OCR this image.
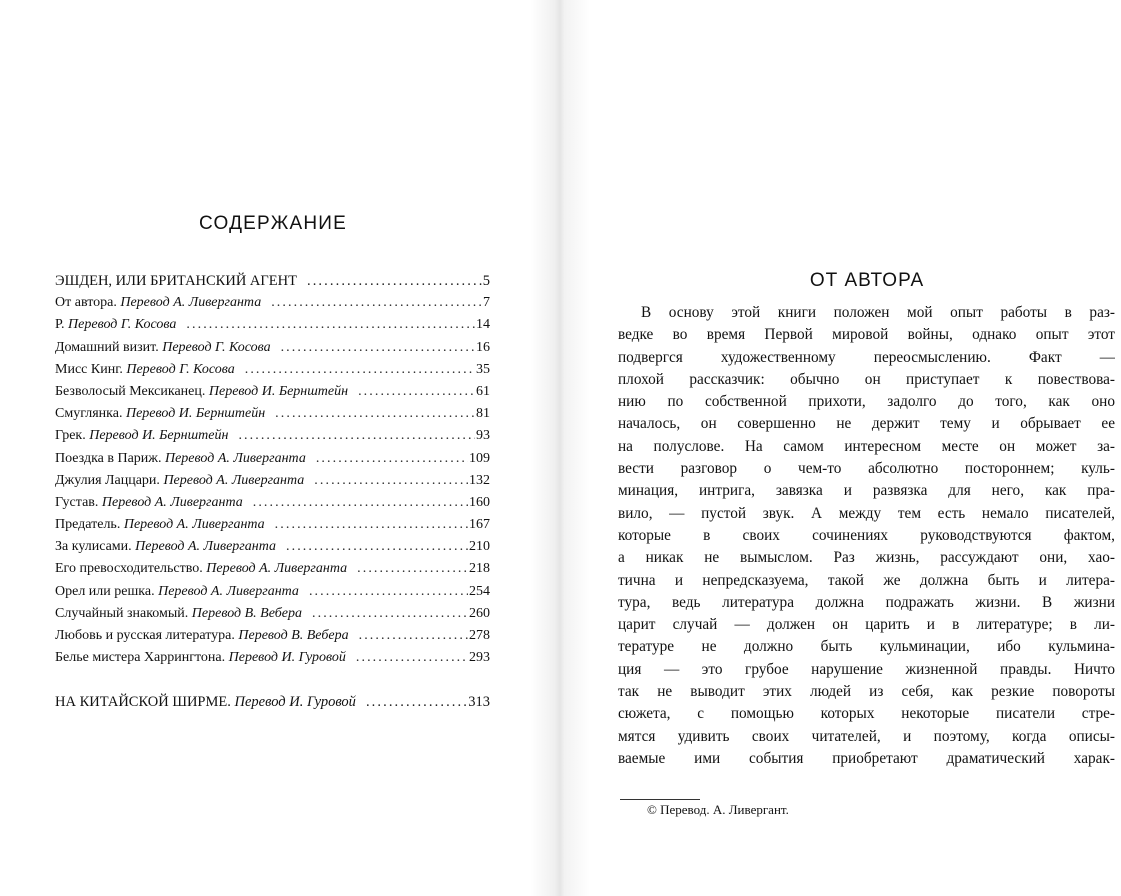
СОДЕРЖАНИЕ
ЭШДЕН, ИЛИ БРИТАНСКИЙ АГЕНТ .....	5
От автора. Перевод А. Ливерганта .....	7
Р. Перевод Г. Косова .....	14
Домашний визит. Перевод Г. Косова .....	16
Мисс Кинг. Перевод Г. Косова .....	35
Безволосый Мексиканец. Перевод И. Бернштейн .....	61
Смуглянка. Перевод И. Бернштейн .....	81
Грек. Перевод И. Бернштейн .....	93
Поездка в Париж. Перевод А. Ливерганта .....	109
Джулия Лаццари. Перевод А. Ливерганта .....	132
Густав. Перевод А. Ливерганта .....	160
Предатель. Перевод А. Ливерганта .....	167
За кулисами. Перевод А. Ливерганта .....	210
Его превосходительство. Перевод А. Ливерганта .....	218
Орел или решка. Перевод А. Ливерганта .....	254
Случайный знакомый. Перевод В. Вебера .....	260
Любовь и русская литература. Перевод В. Вебера .....	278
Белье мистера Харрингтона. Перевод И. Гуровой .....	293
НА КИТАЙСКОЙ ШИРМЕ. Перевод И. Гуровой .....	313
ОТ АВТОРА
В основу этой книги положен мой опыт работы в раз-
ведке во время Первой мировой войны, однако опыт этот
подвергся художественному переосмыслению. Факт —
плохой рассказчик: обычно он приступает к повествова-
нию по собственной прихоти, задолго до того, как оно
началось, он совершенно не держит тему и обрывает ее
на полуслове. На самом интересном месте он может за-
вести разговор о чем-то абсолютно постороннем; куль-
минация, интрига, завязка и развязка для него, как пра-
вило, — пустой звук. А между тем есть немало писателей,
которые в своих сочинениях руководствуются фактом,
а никак не вымыслом. Раз жизнь, рассуждают они, хао-
тична и непредсказуема, такой же должна быть и литера-
тура, ведь литература должна подражать жизни. В жизни
царит случай — должен он царить и в литературе; в ли-
тературе не должно быть кульминации, ибо кульмина-
ция — это грубое нарушение жизненной правды. Ничто
так не выводит этих людей из себя, как резкие повороты
сюжета, с помощью которых некоторые писатели стре-
мятся удивить своих читателей, и поэтому, когда описы-
ваемые ими события приобретают драматический харак-
© Перевод. А. Ливергант.
